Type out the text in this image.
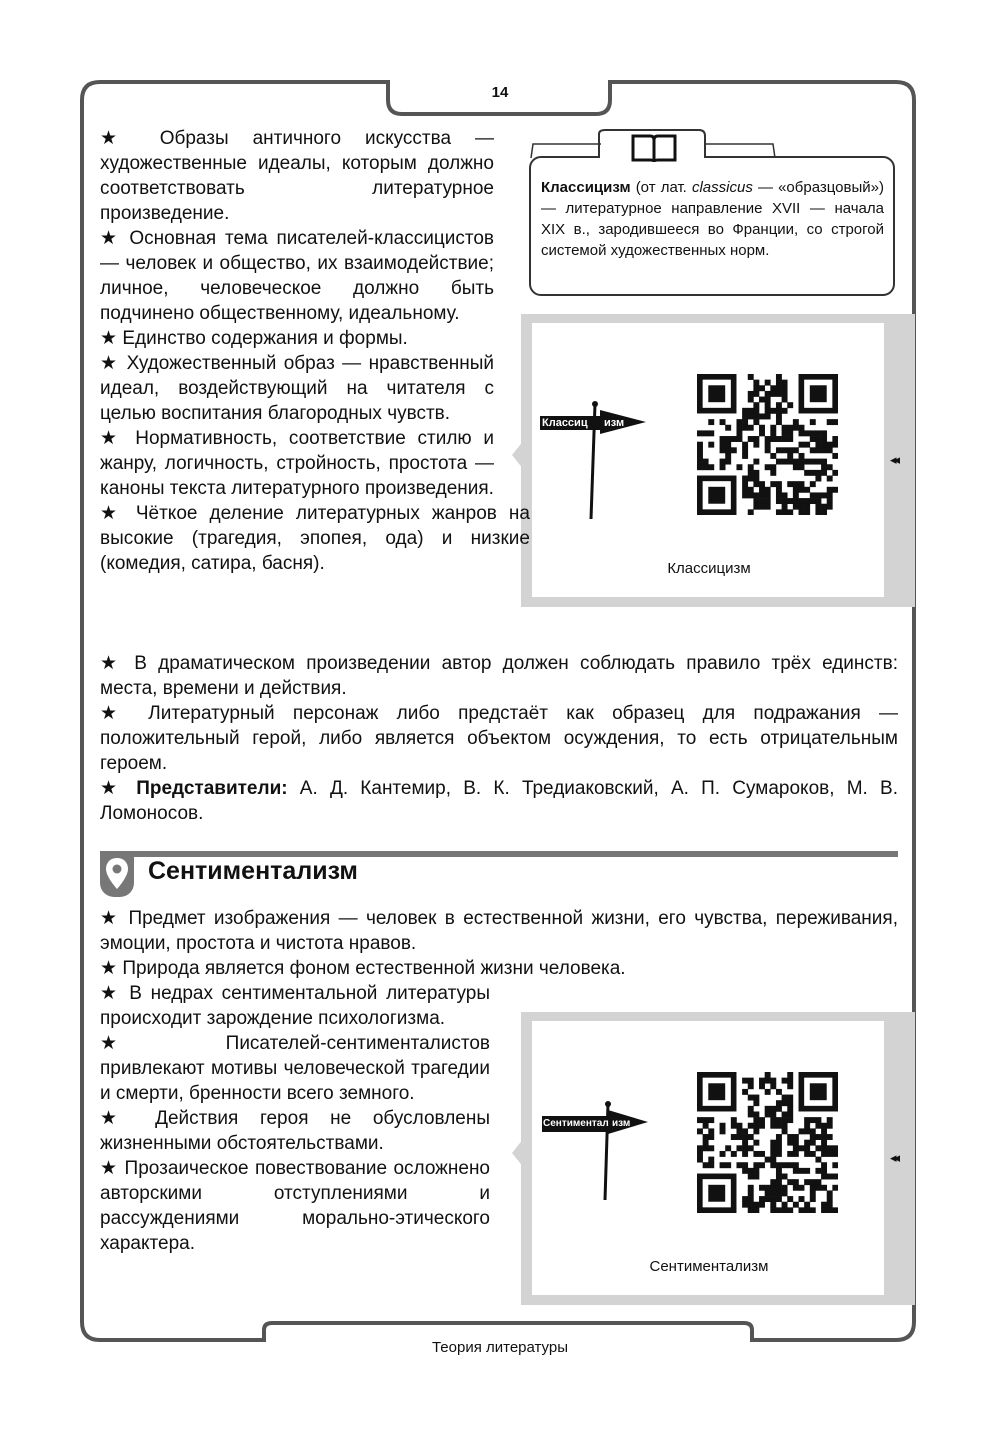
14
Классицизм (от лат. classicus — «образцовый») — литературное направление XVII — начала XIX в., зародившееся во Франции, со строгой системой художественных норм.
Классиц изм
Классицизм
◂◂

★ Образы античного искусства — художественные идеалы, которым должно соответствовать литературное произведение.

★ Основная тема писателей-классицистов — человек и общество, их взаимодействие; личное, человеческое должно быть подчинено общественному, идеальному.

★ Единство содержания и формы.

★ Художественный образ — нравственный идеал, воздействующий на читателя с целью воспитания благородных чувств.

★ Нормативность, соответствие стилю и жанру, логичность, стройность, простота — каноны текста литературного произведения.

★ Чёткое деление литературных жанров на высокие (трагедия, эпопея, ода) и низкие (комедия, сатира, басня).

★ В драматическом произведении автор должен соблюдать правило трёх единств: места, времени и действия.

★ Литературный персонаж либо предстаёт как образец для подражания — положительный герой, либо является объектом осуждения, то есть отрицательным героем.

★ Представители: А. Д. Кантемир, В. К. Тредиаковский, А. П. Сумароков, М. В. Ломоносов.

Сентиментализм

★ Предмет изображения — человек в естественной жизни, его чувства, переживания, эмоции, простота и чистота нравов.

★ Природа является фоном естественной жизни человека.

★ В недрах сентиментальной литературы происходит зарождение психологизма.

★	Писателей-сентименталистов привлекают мотивы человеческой трагедии и смерти, бренности всего земного.

★ Действия героя не обусловлены жизненными обстоятельствами.

★ Прозаическое повествование осложнено авторскими отступлениями и рассуждениями морально-этического характера.

Сентиментал изм
Сентиментализм
◂◂
Теория литературы
